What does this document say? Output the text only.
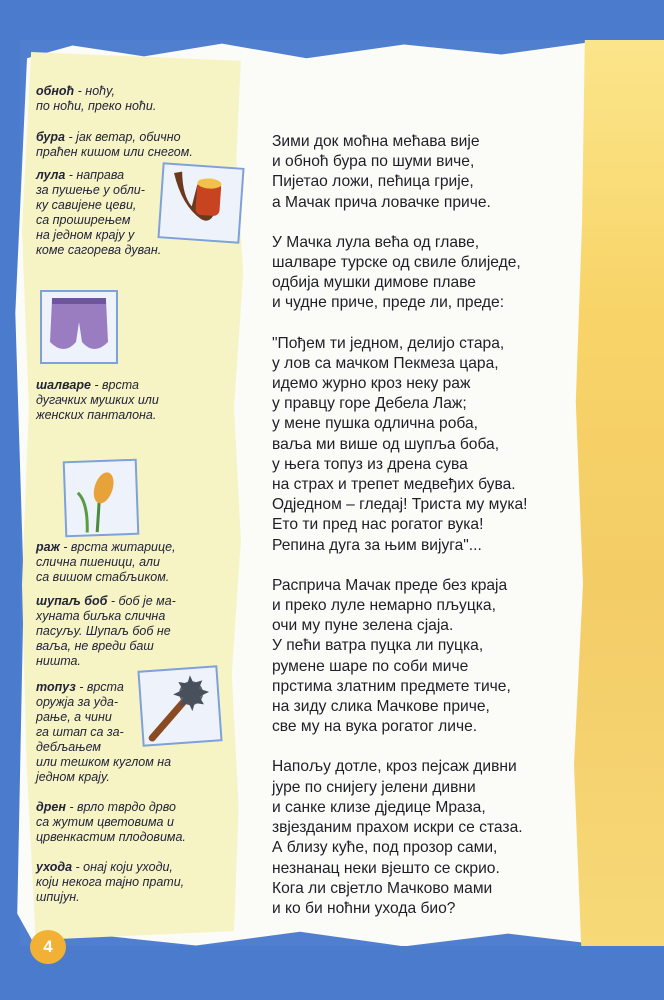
обноћ - ноћу,
по ноћи, преко ноћи.

бура - јак ветар, обично
праћен кишом или снегом.

лула - направа
за пушење у обли-
ку савијене цеви,
са проширењем
на једном крају у
коме сагорева дуван.

шалваре - врста
дугачких мушких или
женских панталона.

раж - врста житарице,
слична пшеници, али
са вишом стабљиком.

шупаљ боб - боб је ма-
хуната биљка слична
пасуљу. Шупаљ боб не
ваља, не вреди баш
ништа.

топуз - врста
оружја за уда-
рање, а чини
га штап са за-
дебљањем
или тешком куглом на
једном крају.

дрен - врло тврдо дрво
са жутим цветовима и
црвенкастим плодовима.

ухода - онај који уходи,
који некога тајно прати,
шпијун.

Зими док моћна мећава вије
и обноћ бура по шуми виче,
Пијетао ложи, пећица грије,
а Мачак прича ловачке приче.
У Мачка лула већа од главе,
шалваре турске од свиле блиједе,
одбија мушки димове плаве
и чудне приче, преде ли, преде:
"Пођем ти једном, делијо стара,
у лов са мачком Пекмеза цара,
идемо журно кроз неку раж
у правцу горе Дебела Лаж;
у мене пушка одлична роба,
ваља ми више од шупља боба,
у њега топуз из дрена сува
на страх и трепет медвеђих бува.
Одједном – гледај! Триста му мука!
Ето ти пред нас рогатог вука!
Репина дуга за њим вијуга"...
Расприча Мачак преде без краја
и преко луле немарно пљуцка,
очи му пуне зелена сјаја.
У пећи ватра пуцка ли пуцка,
румене шаре по соби миче
прстима златним предмете тиче,
на зиду слика Мачкове приче,
све му на вука рогатог личе.
Напољу дотле, кроз пејсаж дивни
јуре по снијегу јелени дивни
и санке клизе дједице Мраза,
звјезданим прахом искри се стаза.
А близу куће, под прозор сами,
незнанац неки вјешто се скрио.
Кога ли свјетло Мачково мами
и ко би ноћни ухода био?
4
